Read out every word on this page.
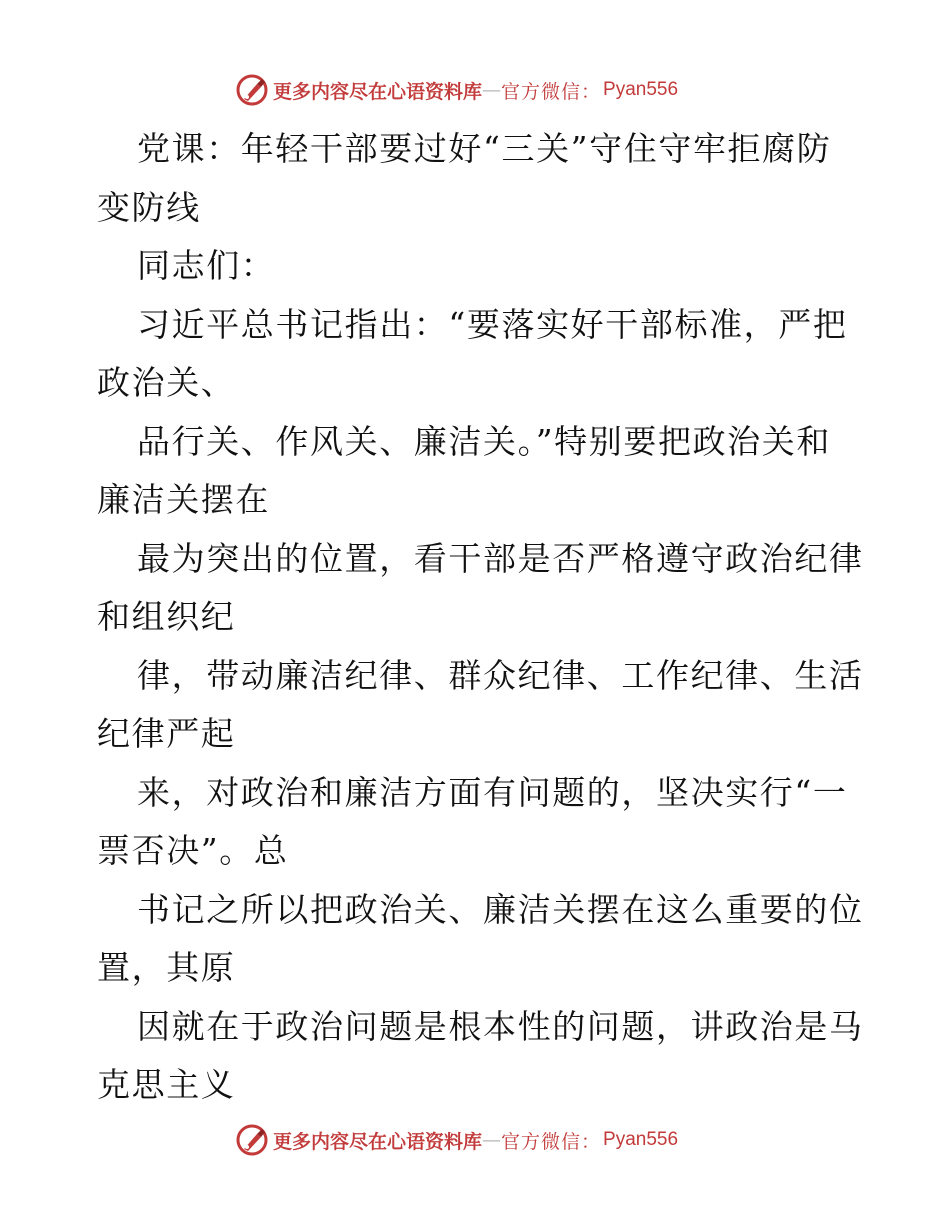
更多内容尽在心语资料库 — 官方微信： Pyan556
党课：年轻干部要过好“三关”守住守牢拒腐防
变防线
同志们：
习近平总书记指出：“要落实好干部标准，严把
政治关、
品行关、作风关、廉洁关。”特别要把政治关和
廉洁关摆在
最为突出的位置，看干部是否严格遵守政治纪律
和组织纪
律，带动廉洁纪律、群众纪律、工作纪律、生活
纪律严起
来，对政治和廉洁方面有问题的，坚决实行“一
票否决”。总
书记之所以把政治关、廉洁关摆在这么重要的位
置，其原
因就在于政治问题是根本性的问题，讲政治是马
克思主义
更多内容尽在心语资料库 — 官方微信： Pyan556
